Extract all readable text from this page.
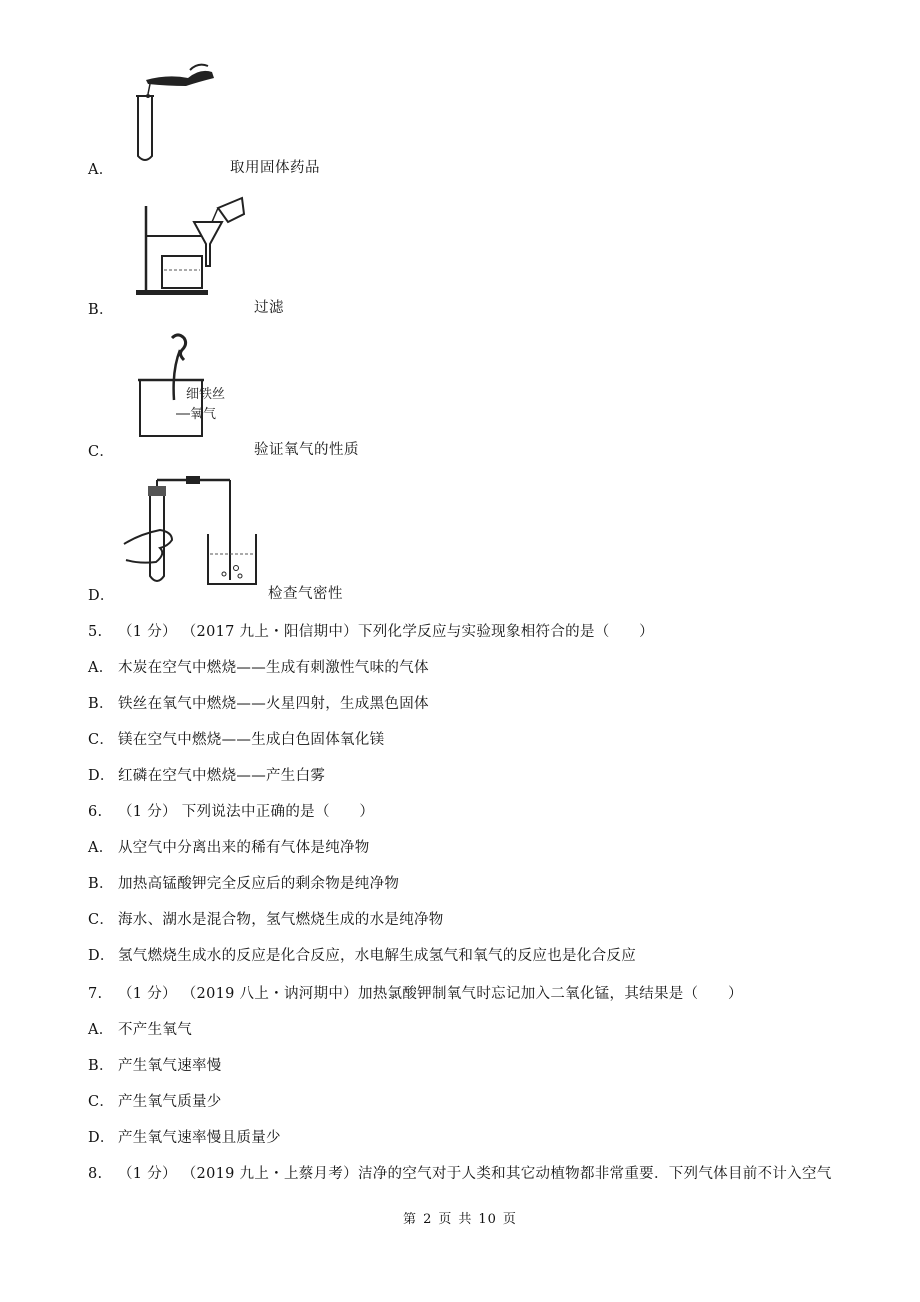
取用固体药品
A．
过滤
B．
细铁丝
氧气
验证氧气的性质
C．
检查气密性
D．
5. （1 分） （2017 九上・阳信期中）下列化学反应与实验现象相符合的是（　　）
A． 木炭在空气中燃烧——生成有刺激性气味的气体
B． 铁丝在氧气中燃烧——火星四射，生成黑色固体
C． 镁在空气中燃烧——生成白色固体氧化镁
D． 红磷在空气中燃烧——产生白雾
6. （1 分） 下列说法中正确的是（　　）
A． 从空气中分离出来的稀有气体是纯净物
B． 加热高锰酸钾完全反应后的剩余物是纯净物
C． 海水、湖水是混合物，氢气燃烧生成的水是纯净物
D． 氢气燃烧生成水的反应是化合反应，水电解生成氢气和氧气的反应也是化合反应
7. （1 分） （2019 八上・讷河期中）加热氯酸钾制氧气时忘记加入二氧化锰，其结果是（　　）
A． 不产生氧气
B． 产生氧气速率慢
C． 产生氧气质量少
D． 产生氧气速率慢且质量少
8. （1 分） （2019 九上・上蔡月考）洁净的空气对于人类和其它动植物都非常重要．下列气体目前不计入空气
第 2 页 共 10 页
